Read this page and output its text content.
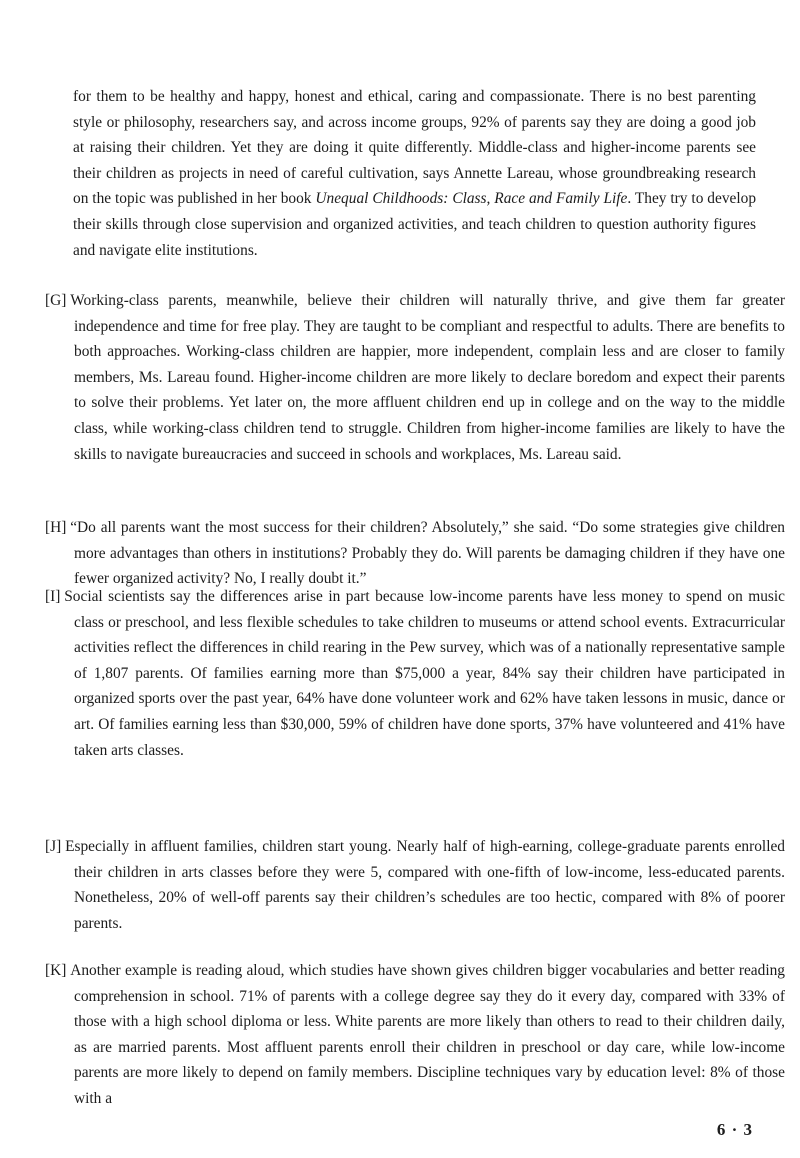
for them to be healthy and happy, honest and ethical, caring and compassionate. There is no best parenting style or philosophy, researchers say, and across income groups, 92% of parents say they are doing a good job at raising their children. Yet they are doing it quite differently. Middle-class and higher-income parents see their children as projects in need of careful cultivation, says Annette Lareau, whose groundbreaking research on the topic was published in her book Unequal Childhoods: Class, Race and Family Life. They try to develop their skills through close supervision and organized activities, and teach children to question authority figures and navigate elite institutions.

[G] Working-class parents, meanwhile, believe their children will naturally thrive, and give them far greater independence and time for free play. They are taught to be compliant and respectful to adults. There are benefits to both approaches. Working-class children are happier, more independent, complain less and are closer to family members, Ms. Lareau found. Higher-income children are more likely to declare boredom and expect their parents to solve their problems. Yet later on, the more affluent children end up in college and on the way to the middle class, while working-class children tend to struggle. Children from higher-income families are likely to have the skills to navigate bureaucracies and succeed in schools and workplaces, Ms. Lareau said.

[H] “Do all parents want the most success for their children? Absolutely,” she said. “Do some strategies give children more advantages than others in institutions? Probably they do. Will parents be damaging children if they have one fewer organized activity? No, I really doubt it.”

[I] Social scientists say the differences arise in part because low-income parents have less money to spend on music class or preschool, and less flexible schedules to take children to museums or attend school events. Extracurricular activities reflect the differences in child rearing in the Pew survey, which was of a nationally representative sample of 1,807 parents. Of families earning more than $75,000 a year, 84% say their children have participated in organized sports over the past year, 64% have done volunteer work and 62% have taken lessons in music, dance or art. Of families earning less than $30,000, 59% of children have done sports, 37% have volunteered and 41% have taken arts classes.

[J] Especially in affluent families, children start young. Nearly half of high-earning, college-graduate parents enrolled their children in arts classes before they were 5, compared with one-fifth of low-income, less-educated parents. Nonetheless, 20% of well-off parents say their children’s schedules are too hectic, compared with 8% of poorer parents.

[K] Another example is reading aloud, which studies have shown gives children bigger vocabularies and better reading comprehension in school. 71% of parents with a college degree say they do it every day, compared with 33% of those with a high school diploma or less. White parents are more likely than others to read to their children daily, as are married parents. Most affluent parents enroll their children in preschool or day care, while low-income parents are more likely to depend on family members. Discipline techniques vary by education level: 8% of those with a

6 · 3
